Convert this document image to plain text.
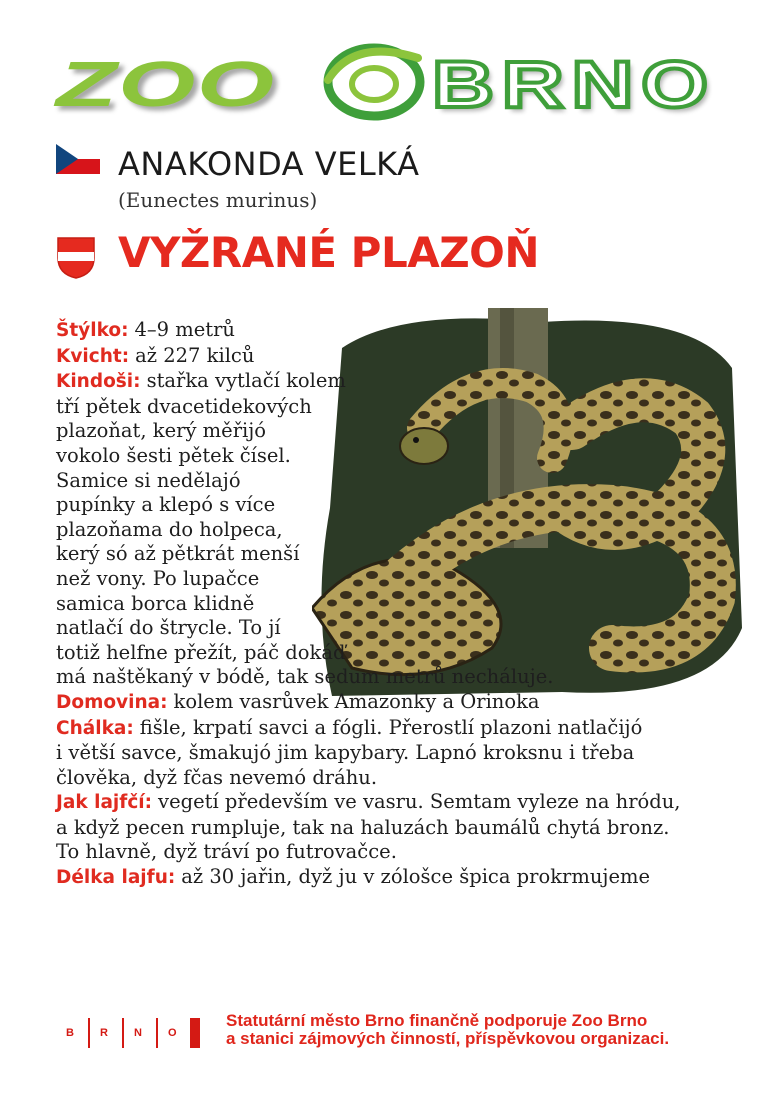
ZOO BRNO
ANAKONDA VELKÁ
(Eunectes murinus)
VYŽRANÉ PLAZOŇ
Štýlko: 4–9 metrů
Kvicht: až 227 kilců
Kindoši: stařka vytlačí kolem
tří pětek dvacetidekových
plazoňat, kerý měřijó
vokolo šesti pětek čísel.
Samice si nedělajó
pupínky a klepó s více
plazoňama do holpeca,
kerý só až pětkrát menší
než vony. Po lupačce
samica borca klidně
natlačí do štrycle. To jí
totiž helfne přežít, páč dokáď
má naštěkaný v bódě, tak sedum metrů necháluje.
Domovina: kolem vasrůvek Amazonky a Orinoka
Chálka: fišle, krpatí savci a fógli. Přerostlí plazoni natlačijó
i větší savce, šmakujó jim kapybary. Lapnó kroksnu i třeba
člověka, dyž fčas nevemó dráhu.
Jak lajfčí: vegetí především ve vasru. Semtam vyleze na hródu,
a když pecen rumpluje, tak na haluzách baumálů chytá bronz.
To hlavně, dyž tráví po futrovačce.
Délka lajfu: až 30 jařin, dyž ju v zólošce špica prokrmujeme
B R N O
Statutární město Brno finančně podporuje Zoo Brno
a stanici zájmových činností, příspěvkovou organizaci.
